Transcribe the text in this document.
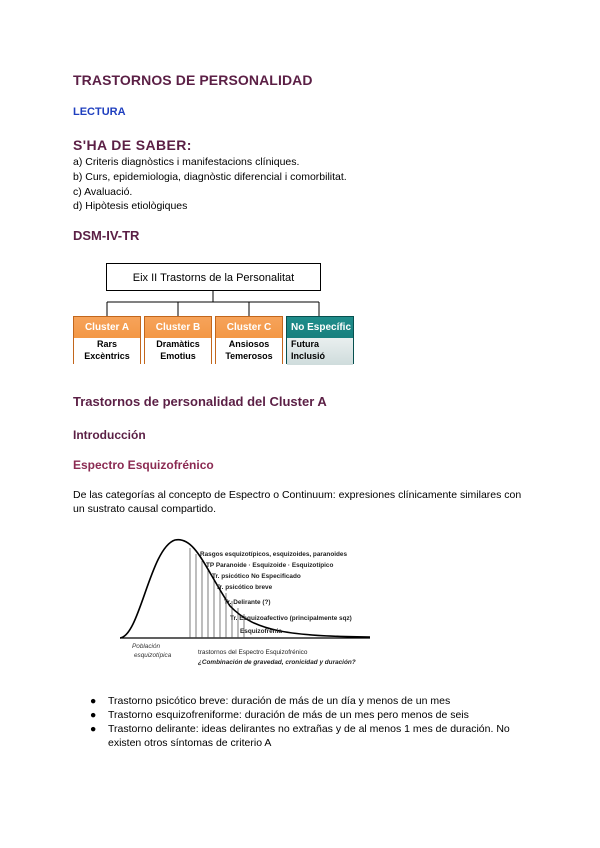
TRASTORNOS DE PERSONALIDAD
LECTURA
S'HA DE SABER:
a) Criteris diagnòstics i manifestacions clíniques.
b) Curs, epidemiologia, diagnòstic diferencial i comorbilitat.
c) Avaluació.
d) Hipòtesis etiològiques
DSM-IV-TR
Eix II Trastorns de la Personalitat
Cluster A
Rars
Excèntrics
Cluster B
Dramàtics
Emotius
Cluster C
Ansiosos
Temerosos
No Específic
Futura
Inclusió
Trastornos de personalidad del Cluster A
Introducción
Espectro Esquizofrénico
De las categorías al concepto de Espectro o Continuum: expresiones clínicamente similares con un sustrato causal compartido.
Rasgos esquizotípicos, esquizoides, paranoides
TP Paranoide · Esquizoide · Esquizotípico
Tr. psicótico No Especificado
Tr. psicótico breve
Tr. Delirante (?)
Tr. Esquizoafectivo (principalmente sqz)
Esquizofrenia
Población
esquizotípica	trastornos del Espectro Esquizofrénico
¿Combinación de gravedad, cronicidad y duración?
● Trastorno psicótico breve: duración de más de un día y menos de un mes
● Trastorno esquizofreniforme: duración de más de un mes pero menos de seis
● Trastorno delirante: ideas delirantes no extrañas y de al menos 1 mes de duración. No existen otros síntomas de criterio A
